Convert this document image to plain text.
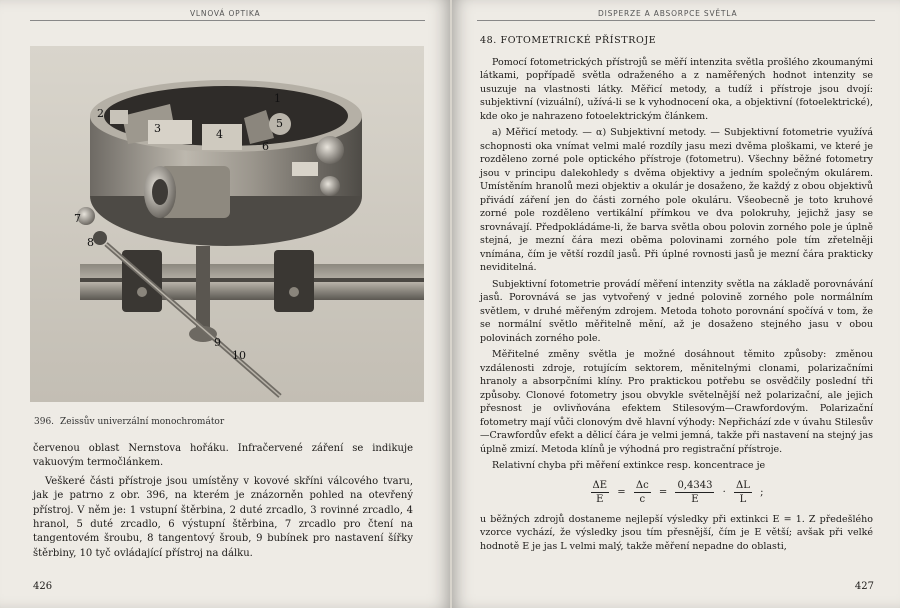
VLNOVÁ OPTIKA
2
3	4
5
1
6
7
8
9
10
396. Zeissův univerzální monochromátor

červenou oblast Nernstova hořáku. Infračervené záření se indikuje vakuovým termočlánkem.

Veškeré části přístroje jsou umístěny v kovové skříni válcového tvaru, jak je patrno z obr. 396, na kterém je znázorněn pohled na otevřený přístroj. V něm je: 1 vstupní štěrbina, 2 duté zrcadlo, 3 rovinné zrcadlo, 4 hranol, 5 duté zrcadlo, 6 výstupní štěrbina, 7 zrcadlo pro čtení na tangentovém šroubu, 8 tangentový šroub, 9 bubínek pro nastavení šířky štěrbiny, 10 tyč ovládající přístroj na dálku.

426
DISPERZE A ABSORPCE SVĚTLA
48. FOTOMETRICKÉ PŘÍSTROJE

Pomocí fotometrických přístrojů se měří intenzita světla prošlého zkoumanými látkami, popřípadě světla odraženého a z naměřených hodnot intenzity se usuzuje na vlastnosti látky. Měřicí metody, a tudíž i přístroje jsou dvojí: subjektivní (vizuální), užívá-li se k vyhodnocení oka, a objektivní (fotoelektrické), kde oko je nahrazeno fotoelektrickým článkem.

a) Měřicí metody. — α) Subjektivní metody. — Subjektivní fotometrie využívá schopnosti oka vnímat velmi malé rozdíly jasu mezi dvěma ploškami, ve které je rozděleno zorné pole optického přístroje (fotometru). Všechny běžné fotometry jsou v principu dalekohledy s dvěma objektivy a jedním společným okulárem. Umístěním hranolů mezi objektiv a okulár je dosaženo, že každý z obou objektivů přivádí záření jen do části zorného pole okuláru. Všeobecně je toto kruhové zorné pole rozděleno vertikální přímkou ve dva polokruhy, jejichž jasy se srovnávají. Předpokládáme-li, že barva světla obou polovin zorného pole je úplně stejná, je mezní čára mezi oběma polovinami zorného pole tím zřetelněji vnímána, čím je větší rozdíl jasů. Při úplné rovnosti jasů je mezní čára prakticky neviditelná.

Subjektivní fotometrie provádí měření intenzity světla na základě porovnávání jasů. Porovnává se jas vytvořený v jedné polovině zorného pole normálním světlem, v druhé měřeným zdrojem. Metoda tohoto porovnání spočívá v tom, že se normální světlo měřitelně mění, až je dosaženo stejného jasu v obou polovinách zorného pole.

Měřitelné změny světla je možné dosáhnout těmito způsoby: změnou vzdálenosti zdroje, rotujícím sektorem, měnitelnými clonami, polarizačními hranoly a absorpčními klíny. Pro praktickou potřebu se osvědčily poslední tři způsoby. Clonové fotometry jsou obvykle světelnější než polarizační, ale jejich přesnost je ovlivňována efektem Stilesovým—Crawfordovým. Polarizační fotometry mají vůči clonovým dvě hlavní výhody: Nepřichází zde v úvahu Stilesův—Crawfordův efekt a dělicí čára je velmi jemná, takže při nastavení na stejný jas úplně zmizí. Metoda klínů je výhodná pro registrační přístroje.

Relativní chyba při měření extinkce resp. koncentrace je

$\frac{\Delta E}{E} = \frac{\Delta c}{c} = \frac{0,4343}{E} \cdot \frac{\Delta L}{L}$ ;

u běžných zdrojů dostaneme nejlepší výsledky při extinkci E = 1. Z předešlého vzorce vychází, že výsledky jsou tím přesnější, čím je E větší; avšak při velké hodnotě E je jas L velmi malý, takže měření nepadne do oblasti,

427
